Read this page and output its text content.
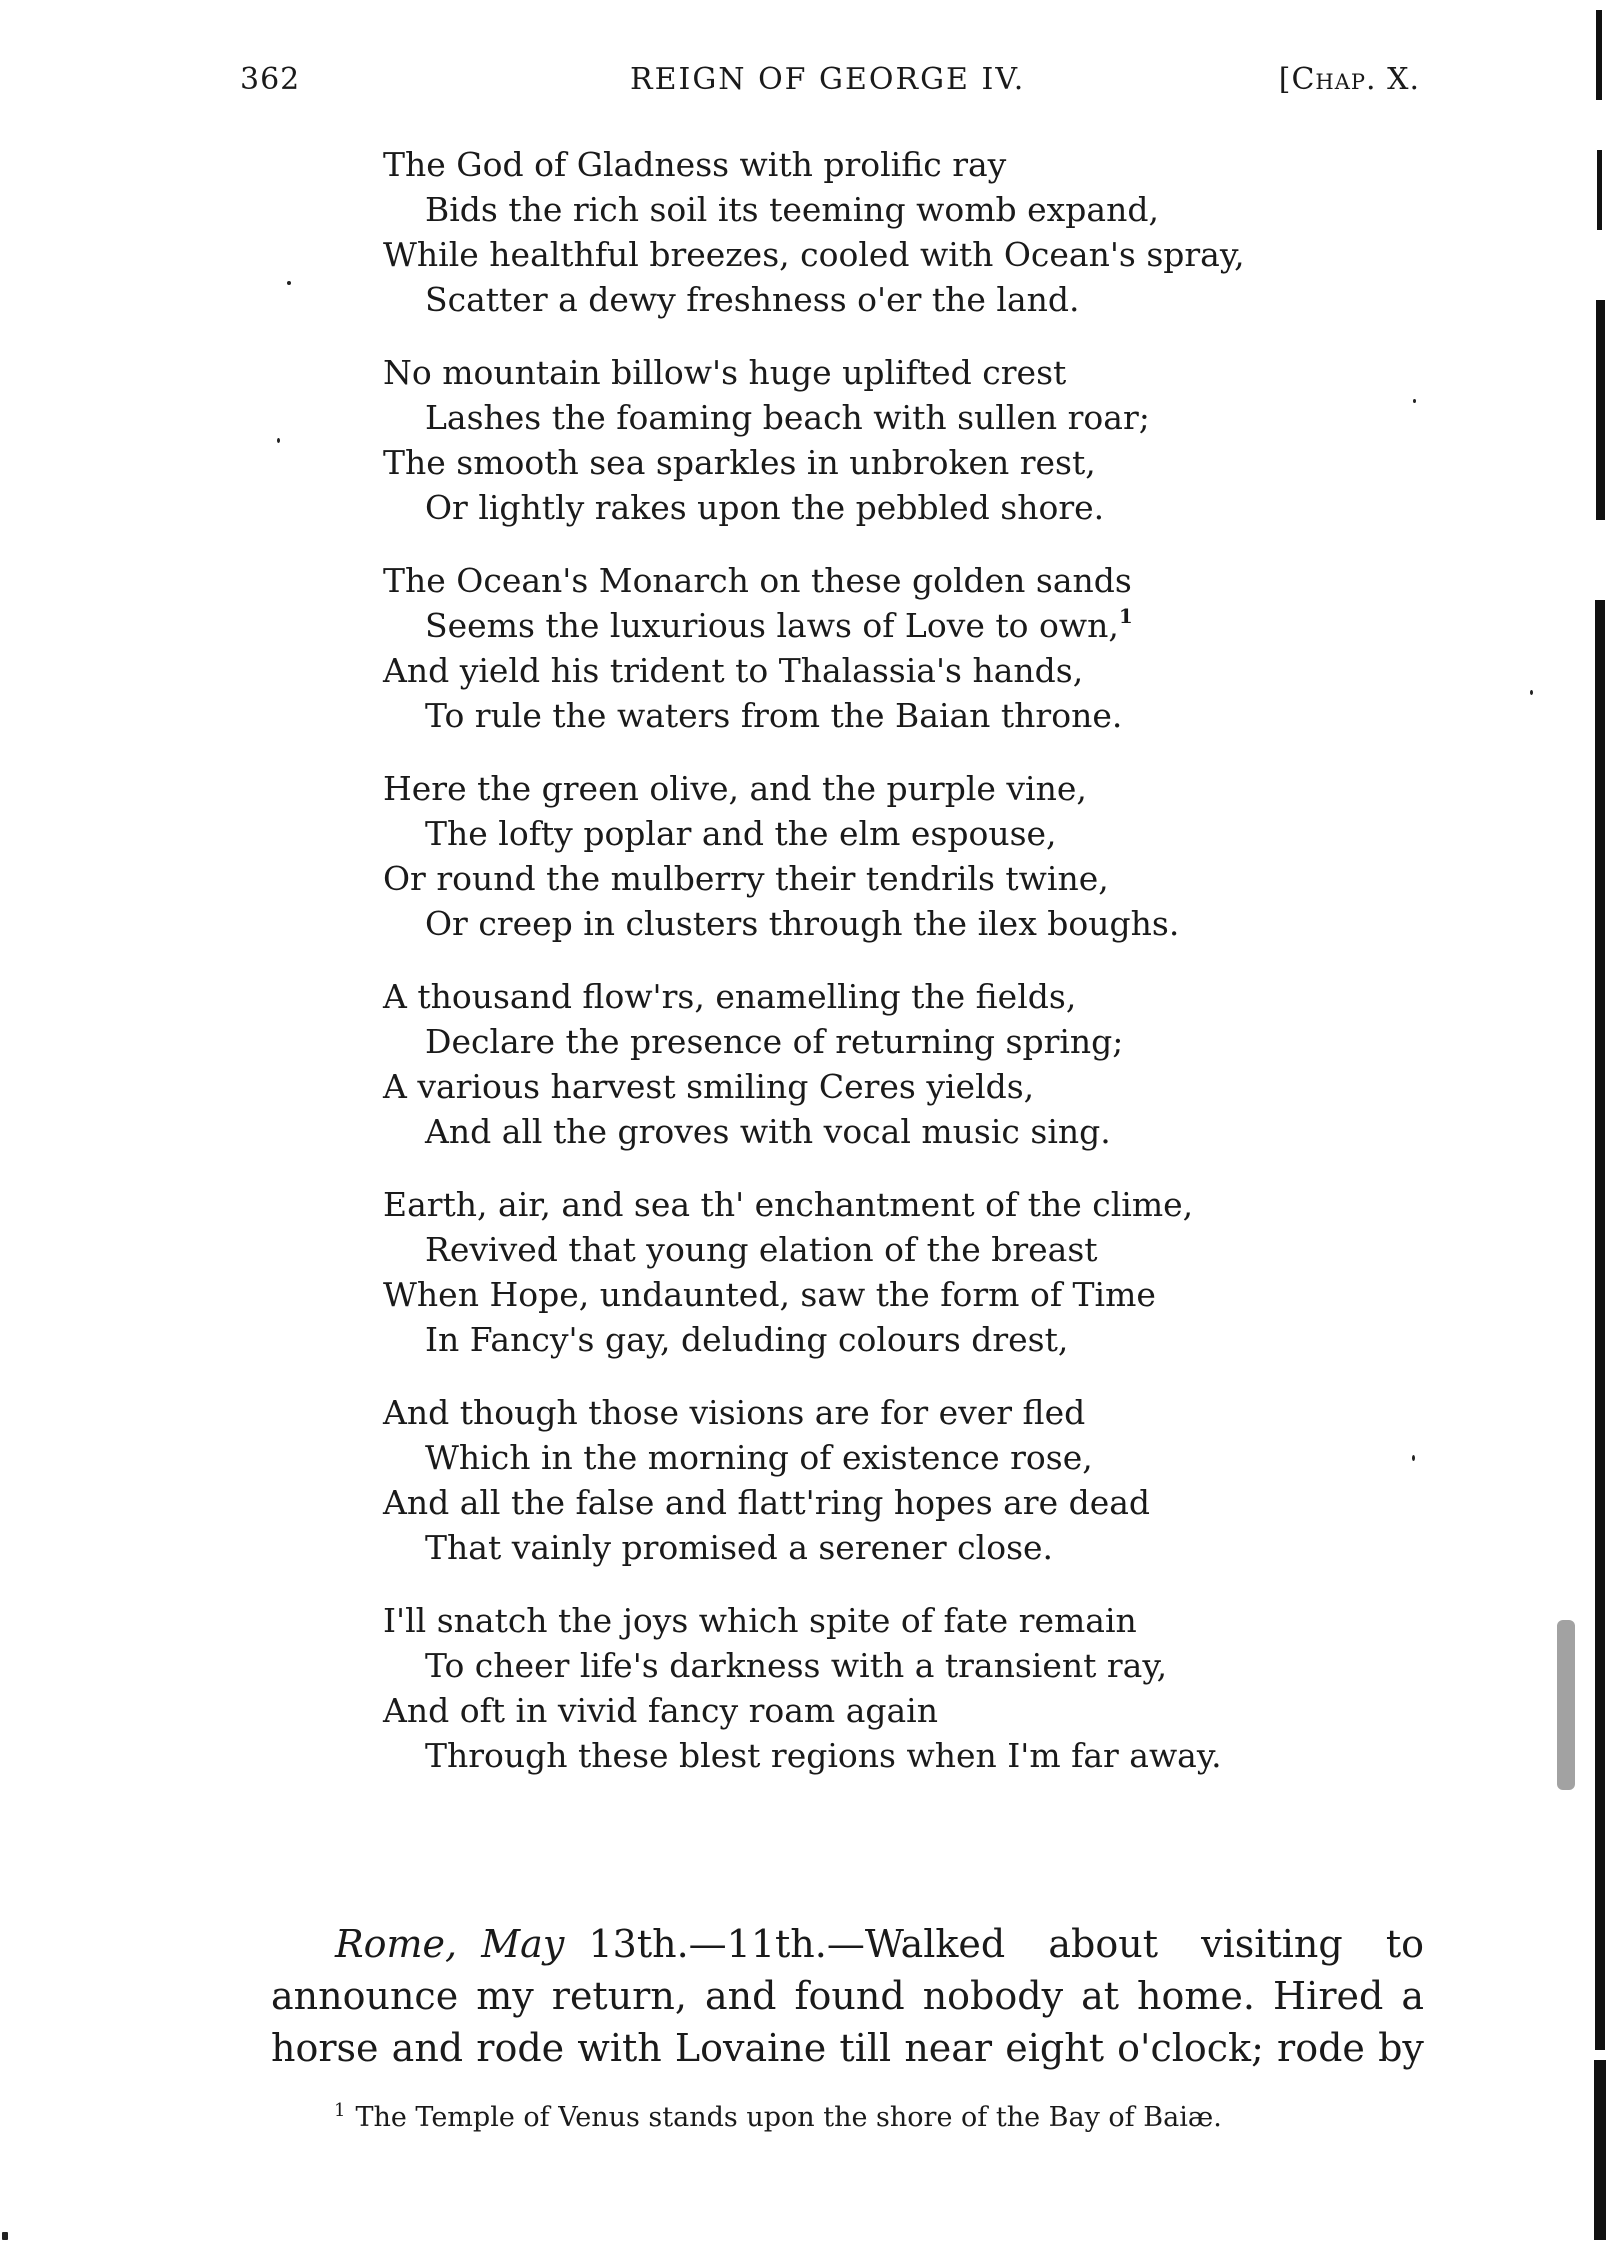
362	REIGN OF GEORGE IV.	[Chap. X.
The God of Gladness with prolific ray
Bids the rich soil its teeming womb expand,
While healthful breezes, cooled with Ocean's spray,
Scatter a dewy freshness o'er the land.
No mountain billow's huge uplifted crest
Lashes the foaming beach with sullen roar;
The smooth sea sparkles in unbroken rest,
Or lightly rakes upon the pebbled shore.
The Ocean's Monarch on these golden sands
Seems the luxurious laws of Love to own,$^1$
And yield his trident to Thalassia's hands,
To rule the waters from the Baian throne.
Here the green olive, and the purple vine,
The lofty poplar and the elm espouse,
Or round the mulberry their tendrils twine,
Or creep in clusters through the ilex boughs.
A thousand flow'rs, enamelling the fields,
Declare the presence of returning spring;
A various harvest smiling Ceres yields,
And all the groves with vocal music sing.
Earth, air, and sea th' enchantment of the clime,
Revived that young elation of the breast
When Hope, undaunted, saw the form of Time
In Fancy's gay, deluding colours drest,
And though those visions are for ever fled
Which in the morning of existence rose,
And all the false and flatt'ring hopes are dead
That vainly promised a serener close.
I'll snatch the joys which spite of fate remain
To cheer life's darkness with a transient ray,
And oft in vivid fancy roam again
Through these blest regions when I'm far away.
Rome, May 13th.—11th.—Walked about visiting to
announce my return, and found nobody at home. Hired a
horse and rode with Lovaine till near eight o'clock; rode by
$^1$ The Temple of Venus stands upon the shore of the Bay of Baiæ.
